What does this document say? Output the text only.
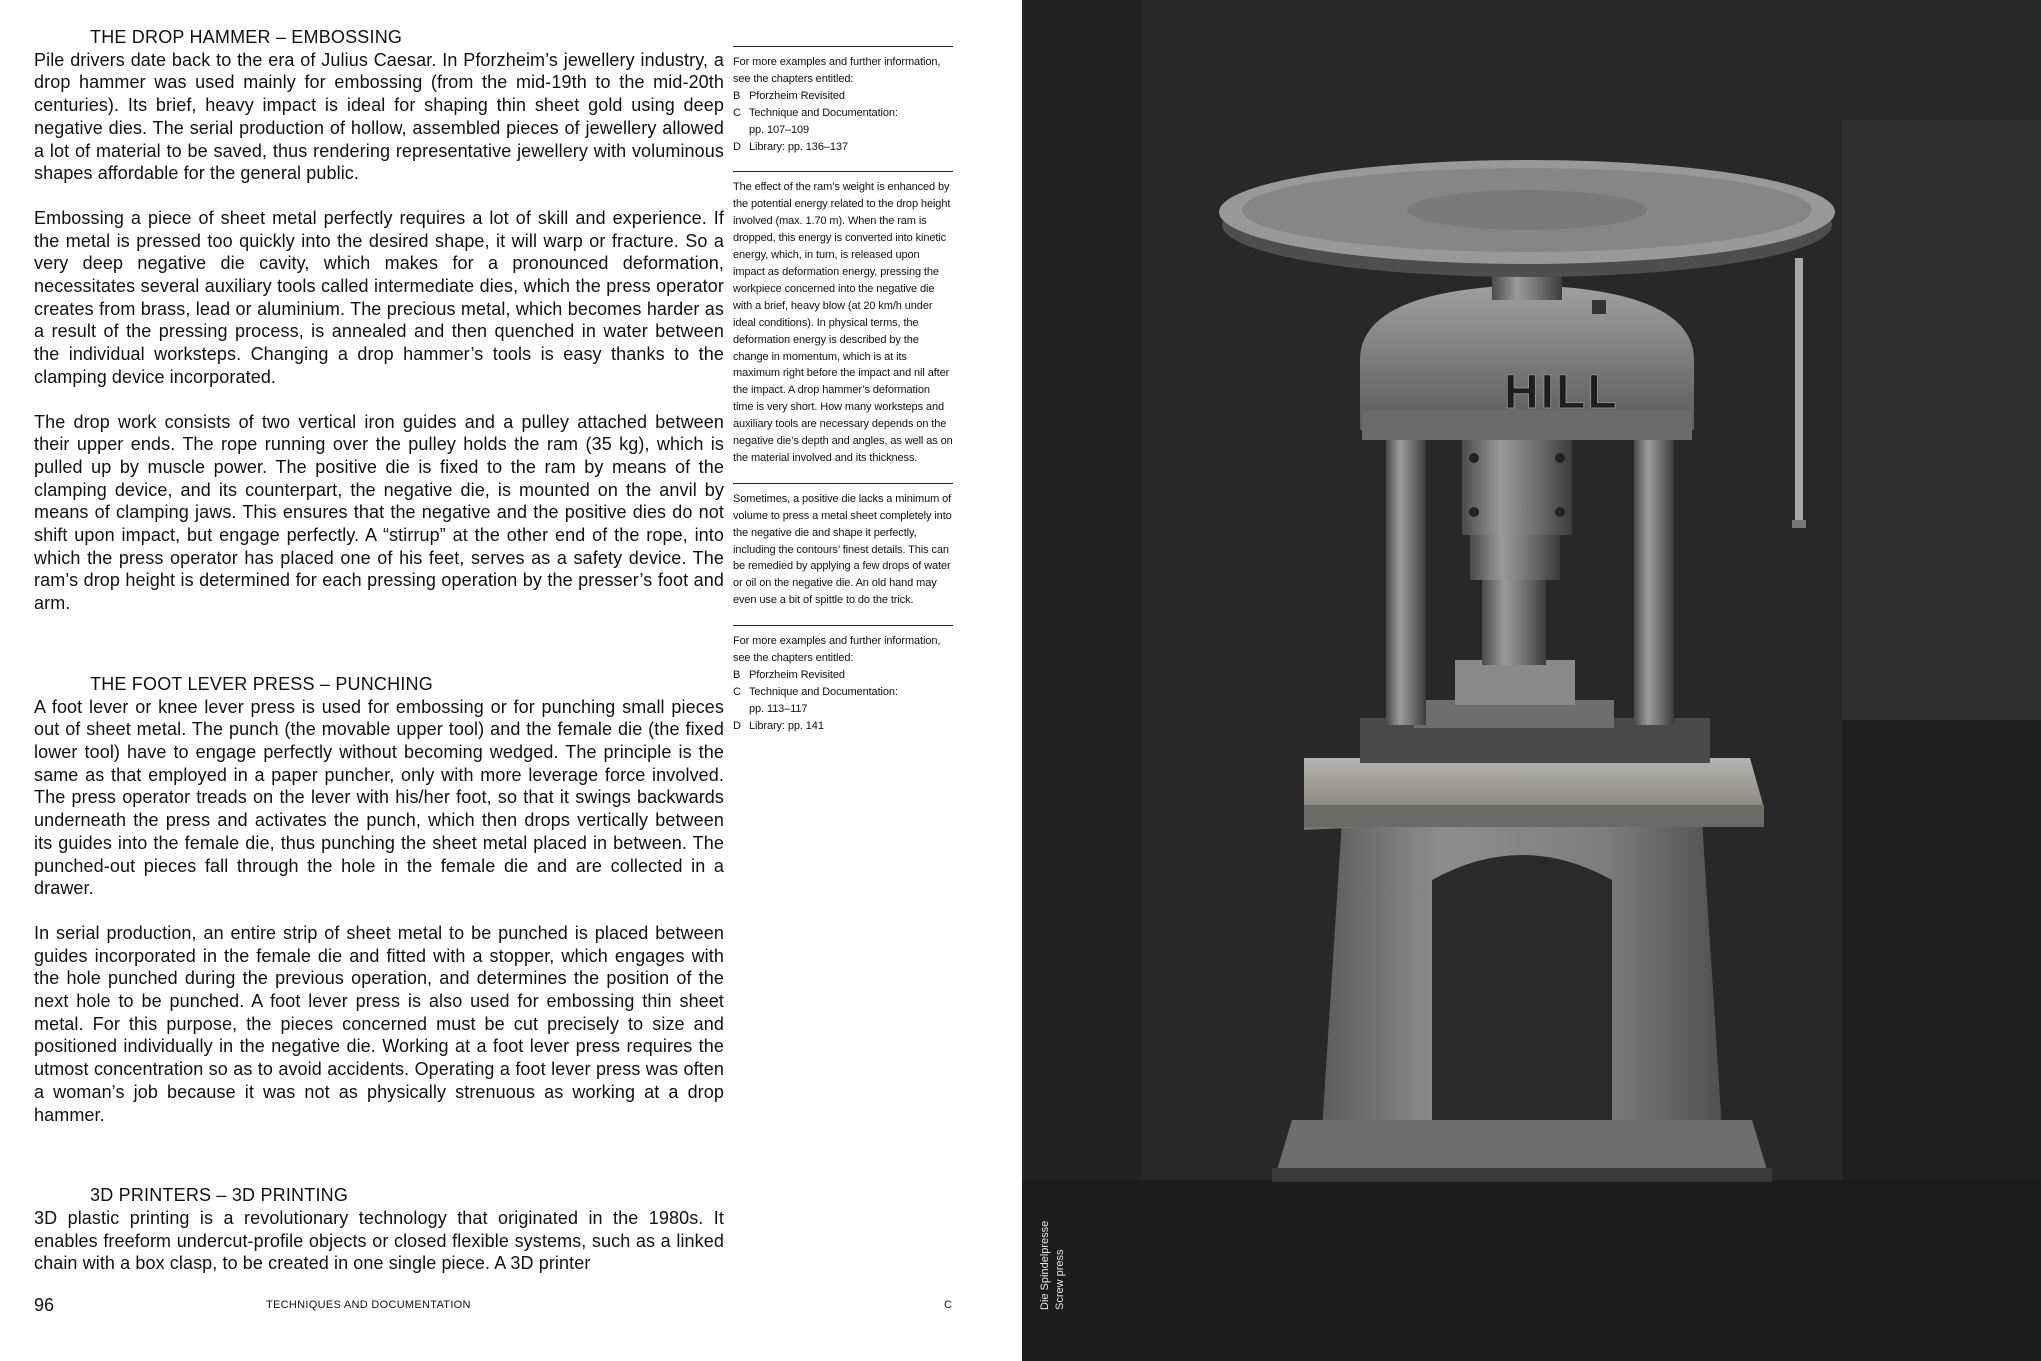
THE DROP HAMMER – EMBOSSING

Pile drivers date back to the era of Julius Caesar. In Pforzheim’s jewellery industry, a drop hammer was used mainly for embossing (from the mid-19th to the mid-20th centuries). Its brief, heavy impact is ideal for shaping thin sheet gold using deep negative dies. The serial production of hollow, assembled pieces of jewellery allowed a lot of material to be saved, thus rendering representative jewellery with voluminous shapes affordable for the general public.

Embossing a piece of sheet metal perfectly requires a lot of skill and experience. If the metal is pressed too quickly into the desired shape, it will warp or fracture. So a very deep negative die cavity, which makes for a pronounced deformation, necessitates several auxiliary tools called intermediate dies, which the press operator creates from brass, lead or aluminium. The precious metal, which becomes harder as a result of the pressing process, is annealed and then quenched in water between the individual worksteps. Changing a drop hammer’s tools is easy thanks to the clamping device incorporated.

The drop work consists of two vertical iron guides and a pulley attached between their upper ends. The rope running over the pulley holds the ram (35 kg), which is pulled up by muscle power. The positive die is fixed to the ram by means of the clamping device, and its counterpart, the negative die, is mounted on the anvil by means of clamping jaws. This ensures that the negative and the positive dies do not shift upon impact, but engage perfectly. A “stirrup” at the other end of the rope, into which the press operator has placed one of his feet, serves as a safety device. The ram’s drop height is determined for each pressing operation by the presser’s foot and arm.

THE FOOT LEVER PRESS – PUNCHING

A foot lever or knee lever press is used for embossing or for punching small pieces out of sheet metal. The punch (the movable upper tool) and the female die (the fixed lower tool) have to engage perfectly without becoming wedged. The principle is the same as that employed in a paper puncher, only with more leverage force involved. The press operator treads on the lever with his/her foot, so that it swings backwards underneath the press and activates the punch, which then drops vertically between its guides into the female die, thus punching the sheet metal placed in between. The punched-out pieces fall through the hole in the female die and are collected in a drawer.

In serial production, an entire strip of sheet metal to be punched is placed between guides incorporated in the female die and fitted with a stopper, which engages with the hole punched during the previous operation, and determines the position of the next hole to be punched. A foot lever press is also used for embossing thin sheet metal. For this purpose, the pieces concerned must be cut precisely to size and positioned individually in the negative die. Working at a foot lever press requires the utmost concentration so as to avoid accidents. Operating a foot lever press was often a woman’s job because it was not as physically strenuous as working at a drop hammer.

3D PRINTERS – 3D PRINTING

3D plastic printing is a revolutionary technology that originated in the 1980s. It enables freeform undercut-profile objects or closed flexible systems, such as a linked chain with a box clasp, to be created in one single piece. A 3D printer

For more examples and further information, see the chapters entitled:
B Pforzheim Revisited
C Technique and Documentation:
pp. 107–109
D Library: pp. 136–137
The effect of the ram’s weight is enhanced by the potential energy related to the drop height involved (max. 1.70 m). When the ram is dropped, this energy is converted into kinetic energy, which, in turn, is released upon impact as deformation energy, pressing the workpiece concerned into the negative die with a brief, heavy blow (at 20 km/h under ideal conditions). In physical terms, the deformation energy is described by the change in momentum, which is at its maximum right before the impact and nil after the impact. A drop hammer’s deformation time is very short. How many worksteps and auxiliary tools are necessary depends on the negative die’s depth and angles, as well as on the material involved and its thickness.
Sometimes, a positive die lacks a minimum of volume to press a metal sheet completely into the negative die and shape it perfectly, including the contours’ finest details. This can be remedied by applying a few drops of water or oil on the negative die. An old hand may even use a bit of spittle to do the trick.
For more examples and further information, see the chapters entitled:
B Pforzheim Revisited
C Technique and Documentation:
pp. 113–117
D Library: pp. 141
96	TECHNIQUES AND DOCUMENTATION	C
HILL
Die Spindelpresse Screw press
